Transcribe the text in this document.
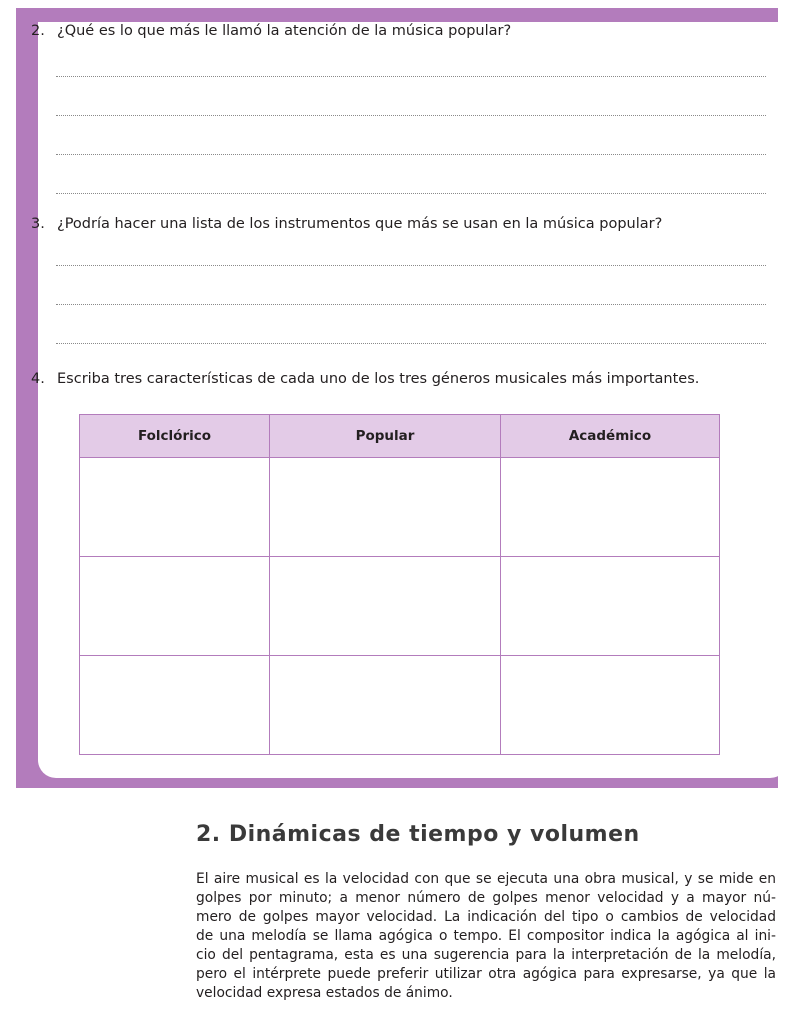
2. ¿Qué es lo que más le llamó la atención de la música popular?
3. ¿Podría hacer una lista de los instrumentos que más se usan en la música popular?
4. Escriba tres características de cada uno de los tres géneros musicales más importantes.
Folclórico	Popular	Académico

2. Dinámicas de tiempo y volumen
El aire musical es la velocidad con que se ejecuta una obra musical, y se mide en
golpes por minuto; a menor número de golpes menor velocidad y a mayor nú-
mero de golpes mayor velocidad. La indicación del tipo o cambios de velocidad
de una melodía se llama agógica o tempo. El compositor indica la agógica al ini-
cio del pentagrama, esta es una sugerencia para la interpretación de la melodía,
pero el intérprete puede preferir utilizar otra agógica para expresarse, ya que la
velocidad expresa estados de ánimo.
